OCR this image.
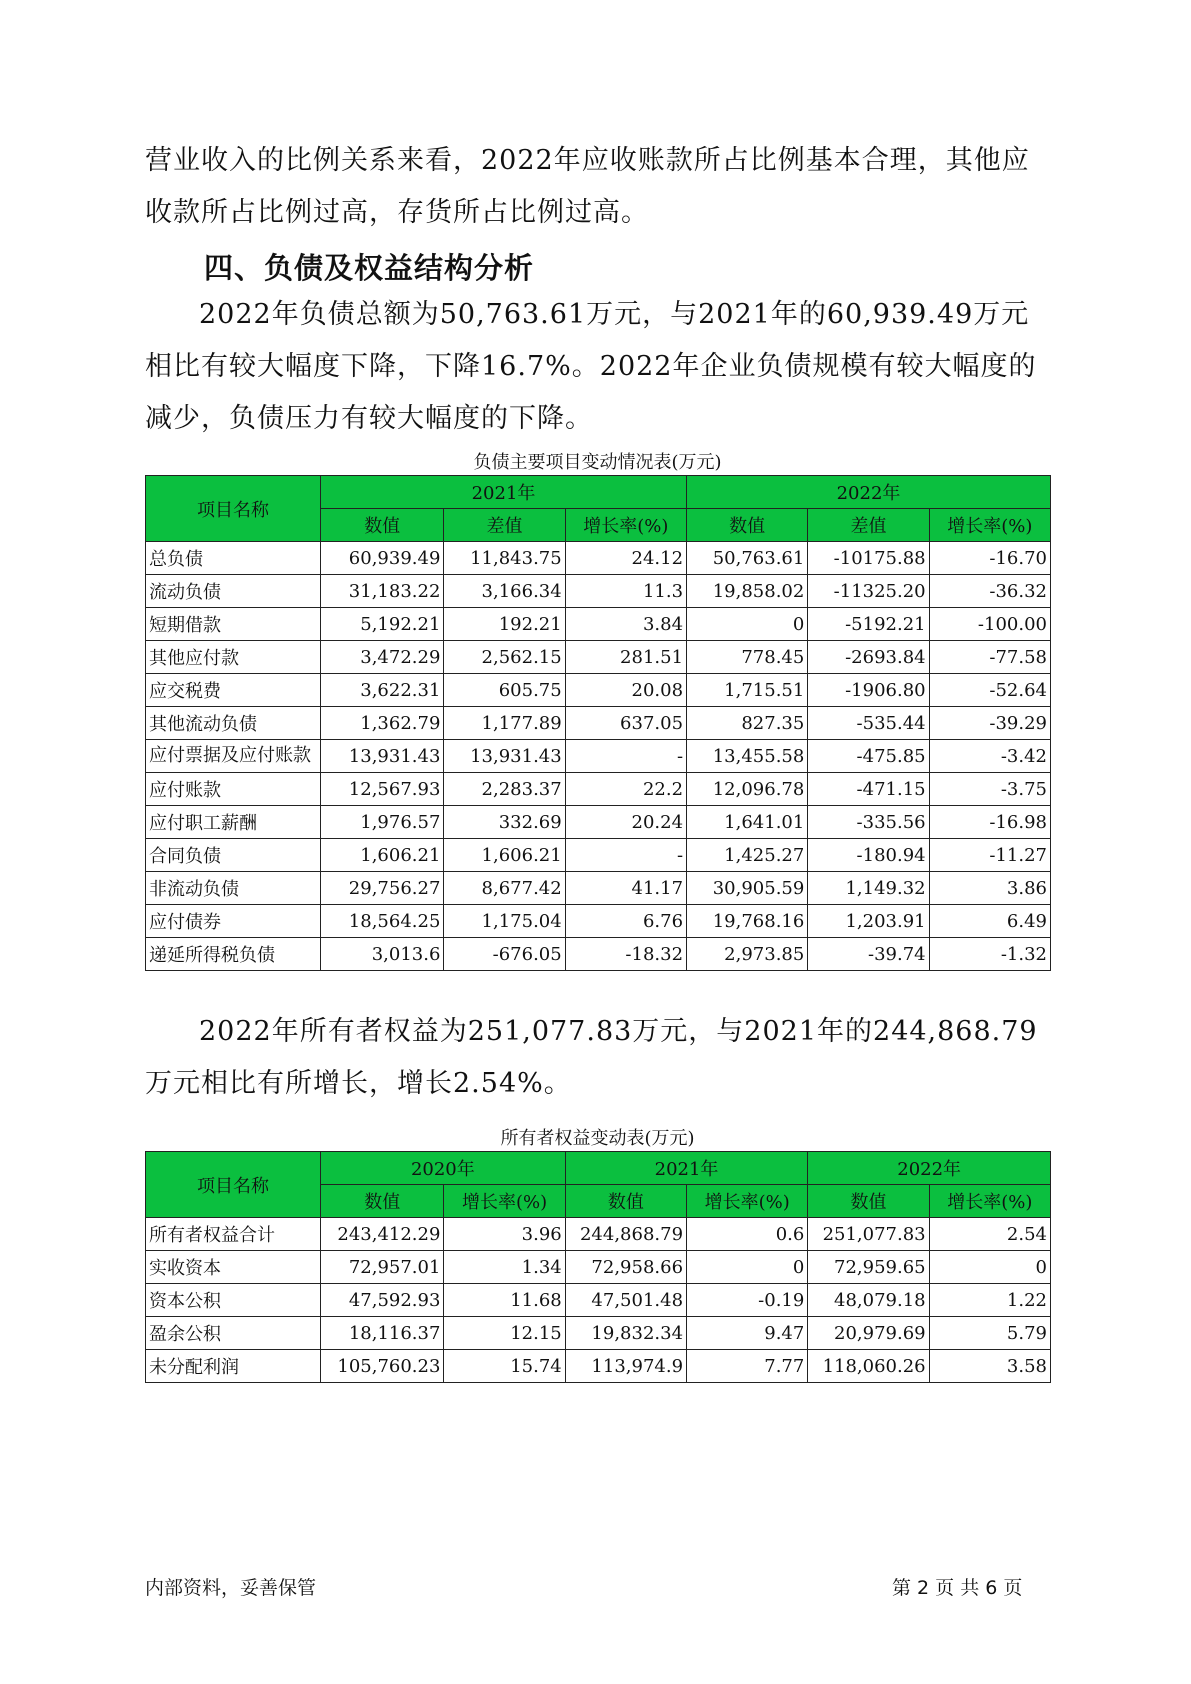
营业收入的比例关系来看，2022年应收账款所占比例基本合理，其他应收款所占比例过高，存货所占比例过高。
四、负债及权益结构分析
2022年负债总额为50,763.61万元，与2021年的60,939.49万元相比有较大幅度下降，下降16.7%。2022年企业负债规模有较大幅度的减少，负债压力有较大幅度的下降。
负债主要项目变动情况表(万元)
项目名称	2021年			2022年		
	数值	差值	增长率(%)	数值	差值	增长率(%)
总负债	60,939.49	11,843.75	24.12	50,763.61	-10175.88	-16.70
流动负债	31,183.22	3,166.34	11.3	19,858.02	-11325.20	-36.32
短期借款	5,192.21	192.21	3.84	0	-5192.21	-100.00
其他应付款	3,472.29	2,562.15	281.51	778.45	-2693.84	-77.58
应交税费	3,622.31	605.75	20.08	1,715.51	-1906.80	-52.64
其他流动负债	1,362.79	1,177.89	637.05	827.35	-535.44	-39.29
应付票据及应付账款	13,931.43	13,931.43	-	13,455.58	-475.85	-3.42
应付账款	12,567.93	2,283.37	22.2	12,096.78	-471.15	-3.75
应付职工薪酬	1,976.57	332.69	20.24	1,641.01	-335.56	-16.98
合同负债	1,606.21	1,606.21	-	1,425.27	-180.94	-11.27
非流动负债	29,756.27	8,677.42	41.17	30,905.59	1,149.32	3.86
应付债券	18,564.25	1,175.04	6.76	19,768.16	1,203.91	6.49
递延所得税负债	3,013.6	-676.05	-18.32	2,973.85	-39.74	-1.32
2022年所有者权益为251,077.83万元，与2021年的244,868.79万元相比有所增长，增长2.54%。
所有者权益变动表(万元)
项目名称	2020年		2021年		2022年	
	数值	增长率(%)	数值	增长率(%)	数值	增长率(%)
所有者权益合计	243,412.29	3.96	244,868.79	0.6	251,077.83	2.54
实收资本	72,957.01	1.34	72,958.66	0	72,959.65	0
资本公积	47,592.93	11.68	47,501.48	-0.19	48,079.18	1.22
盈余公积	18,116.37	12.15	19,832.34	9.47	20,979.69	5.79
未分配利润	105,760.23	15.74	113,974.9	7.77	118,060.26	3.58
内部资料，妥善保管	第 2 页 共 6 页
